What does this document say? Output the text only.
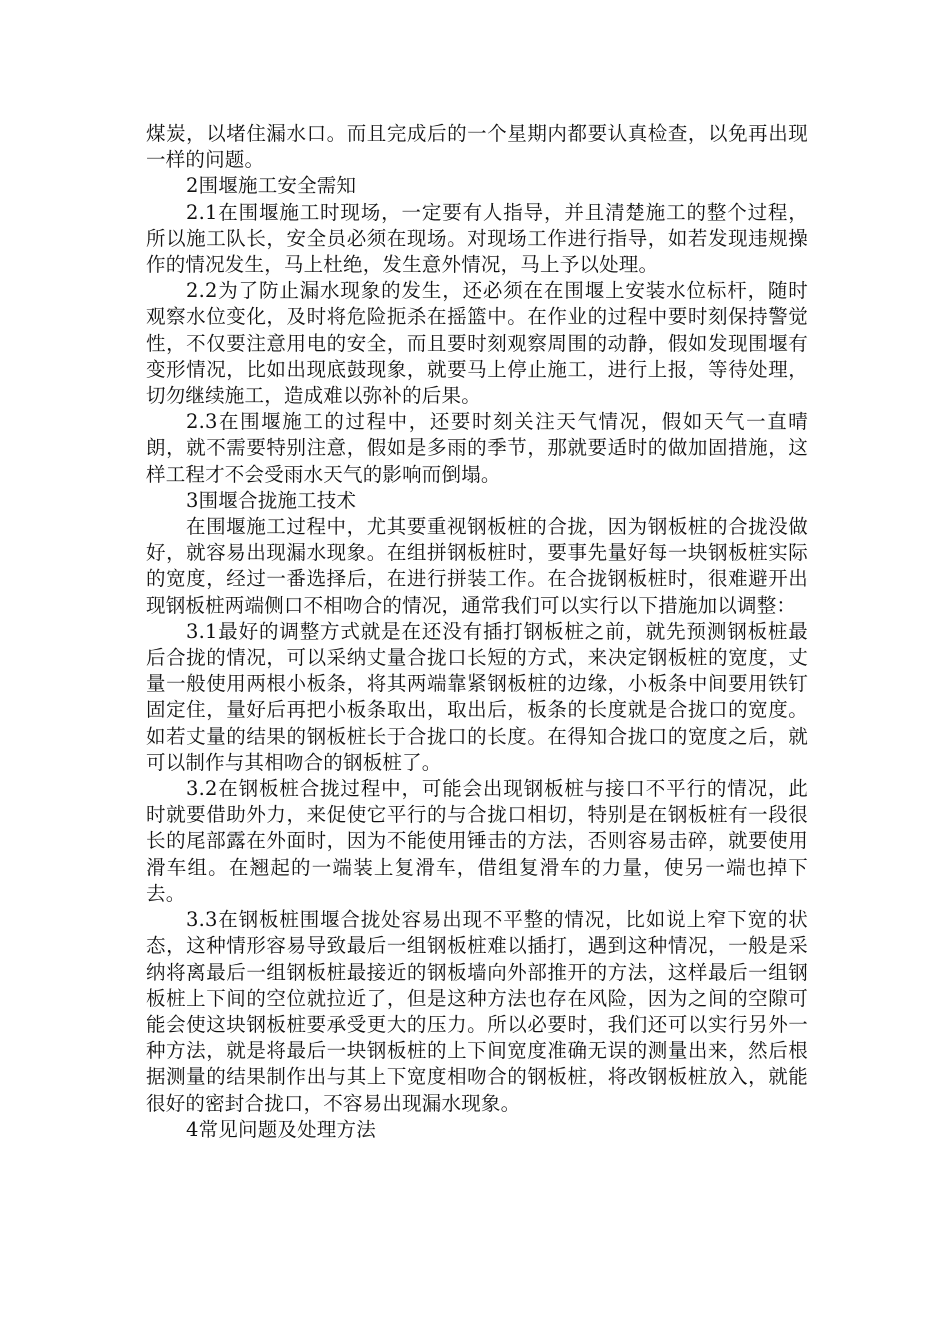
煤炭，以堵住漏水口。而且完成后的一个星期内都要认真检查，以免再出现一样的问题。

2围堰施工安全需知

2.1在围堰施工时现场，一定要有人指导，并且清楚施工的整个过程，所以施工队长，安全员必须在现场。对现场工作进行指导，如若发现违规操作的情况发生，马上杜绝，发生意外情况，马上予以处理。

2.2为了防止漏水现象的发生，还必须在在围堰上安装水位标杆，随时观察水位变化，及时将危险扼杀在摇篮中。在作业的过程中要时刻保持警觉性，不仅要注意用电的安全，而且要时刻观察周围的动静，假如发现围堰有变形情况，比如出现底鼓现象，就要马上停止施工，进行上报，等待处理，切勿继续施工，造成难以弥补的后果。

2.3在围堰施工的过程中，还要时刻关注天气情况，假如天气一直晴朗，就不需要特别注意，假如是多雨的季节，那就要适时的做加固措施，这样工程才不会受雨水天气的影响而倒塌。

3围堰合拢施工技术

在围堰施工过程中，尤其要重视钢板桩的合拢，因为钢板桩的合拢没做好，就容易出现漏水现象。在组拼钢板桩时，要事先量好每一块钢板桩实际的宽度，经过一番选择后，在进行拼装工作。在合拢钢板桩时，很难避开出现钢板桩两端侧口不相吻合的情况，通常我们可以实行以下措施加以调整：

3.1最好的调整方式就是在还没有插打钢板桩之前，就先预测钢板桩最后合拢的情况，可以采纳丈量合拢口长短的方式，来决定钢板桩的宽度，丈量一般使用两根小板条，将其两端靠紧钢板桩的边缘，小板条中间要用铁钉固定住，量好后再把小板条取出，取出后，板条的长度就是合拢口的宽度。如若丈量的结果的钢板桩长于合拢口的长度。在得知合拢口的宽度之后，就可以制作与其相吻合的钢板桩了。

3.2在钢板桩合拢过程中，可能会出现钢板桩与接口不平行的情况，此时就要借助外力，来促使它平行的与合拢口相切，特别是在钢板桩有一段很长的尾部露在外面时，因为不能使用锤击的方法，否则容易击碎，就要使用滑车组。在翘起的一端装上复滑车，借组复滑车的力量，使另一端也掉下去。

3.3在钢板桩围堰合拢处容易出现不平整的情况，比如说上窄下宽的状态，这种情形容易导致最后一组钢板桩难以插打，遇到这种情况，一般是采纳将离最后一组钢板桩最接近的钢板墙向外部推开的方法，这样最后一组钢板桩上下间的空位就拉近了，但是这种方法也存在风险，因为之间的空隙可能会使这块钢板桩要承受更大的压力。所以必要时，我们还可以实行另外一种方法，就是将最后一块钢板桩的上下间宽度准确无误的测量出来，然后根据测量的结果制作出与其上下宽度相吻合的钢板桩，将改钢板桩放入，就能很好的密封合拢口，不容易出现漏水现象。

4常见问题及处理方法
